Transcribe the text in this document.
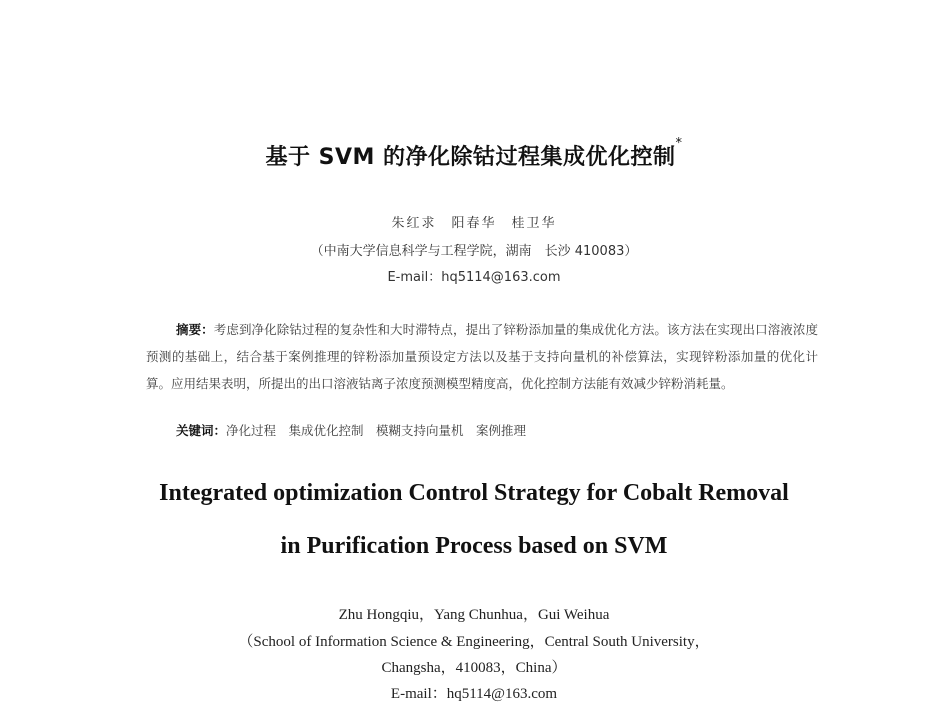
基于 SVM 的净化除钴过程集成优化控制*
朱红求　阳春华　桂卫华
（中南大学信息科学与工程学院，湖南　长沙 410083）
E-mail：hq5114@163.com

摘要：考虑到净化除钴过程的复杂性和大时滞特点，提出了锌粉添加量的集成优化方法。该方法在实现出口溶液浓度预测的基础上，结合基于案例推理的锌粉添加量预设定方法以及基于支持向量机的补偿算法，实现锌粉添加量的优化计算。应用结果表明，所提出的出口溶液钴离子浓度预测模型精度高，优化控制方法能有效减少锌粉消耗量。

关键词：净化过程　集成优化控制　模糊支持向量机　案例推理

Integrated optimization Control Strategy for Cobalt Removal
in Purification Process based on SVM
Zhu Hongqiu，Yang Chunhua，Gui Weihua
（School of Information Science & Engineering，Central South University，
Changsha，410083，China）
E-mail：hq5114@163.com
